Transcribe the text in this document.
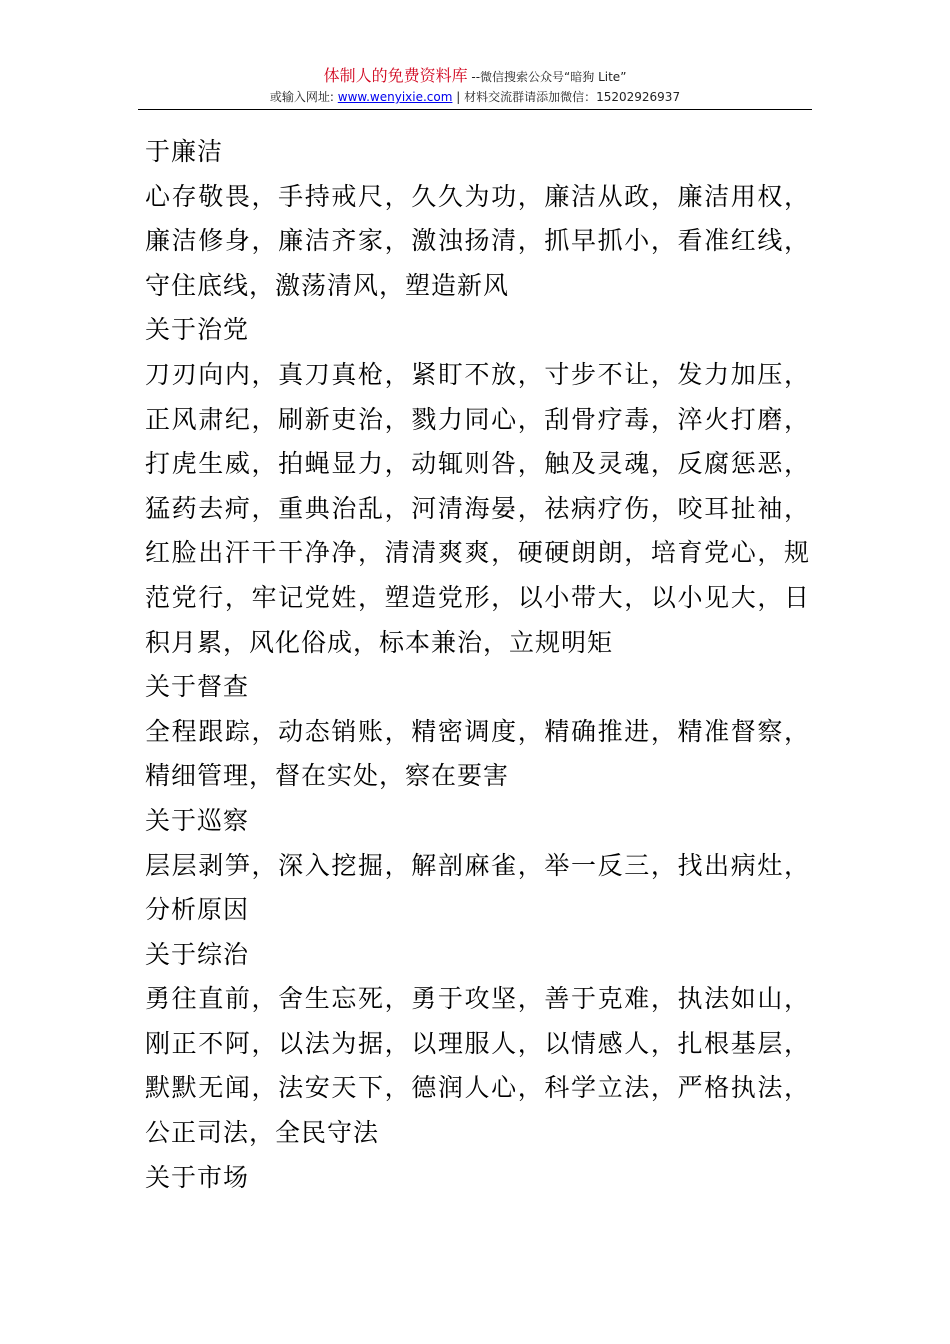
体制人的免费资料库 --微信搜索公众号“暗狗 Lite”
或输入网址: www.wenyixie.com | 材料交流群请添加微信：15202926937

于廉洁

心存敬畏，手持戒尺，久久为功，廉洁从政，廉洁用权，廉洁修身，廉洁齐家，激浊扬清，抓早抓小，看准红线，守住底线，激荡清风，塑造新风

关于治党

刀刃向内，真刀真枪，紧盯不放，寸步不让，发力加压，正风肃纪，刷新吏治，戮力同心，刮骨疗毒，淬火打磨，打虎生威，拍蝇显力，动辄则咎，触及灵魂，反腐惩恶，猛药去疴，重典治乱，河清海晏，祛病疗伤，咬耳扯袖，红脸出汗干干净净，清清爽爽，硬硬朗朗，培育党心，规范党行，牢记党姓，塑造党形，以小带大，以小见大，日积月累，风化俗成，标本兼治，立规明矩

关于督查

全程跟踪，动态销账，精密调度，精确推进，精准督察，精细管理，督在实处，察在要害

关于巡察

层层剥笋，深入挖掘，解剖麻雀，举一反三，找出病灶，分析原因

关于综治

勇往直前，舍生忘死，勇于攻坚，善于克难，执法如山，刚正不阿，以法为据，以理服人，以情感人，扎根基层，默默无闻，法安天下，德润人心，科学立法，严格执法，公正司法，全民守法

关于市场
